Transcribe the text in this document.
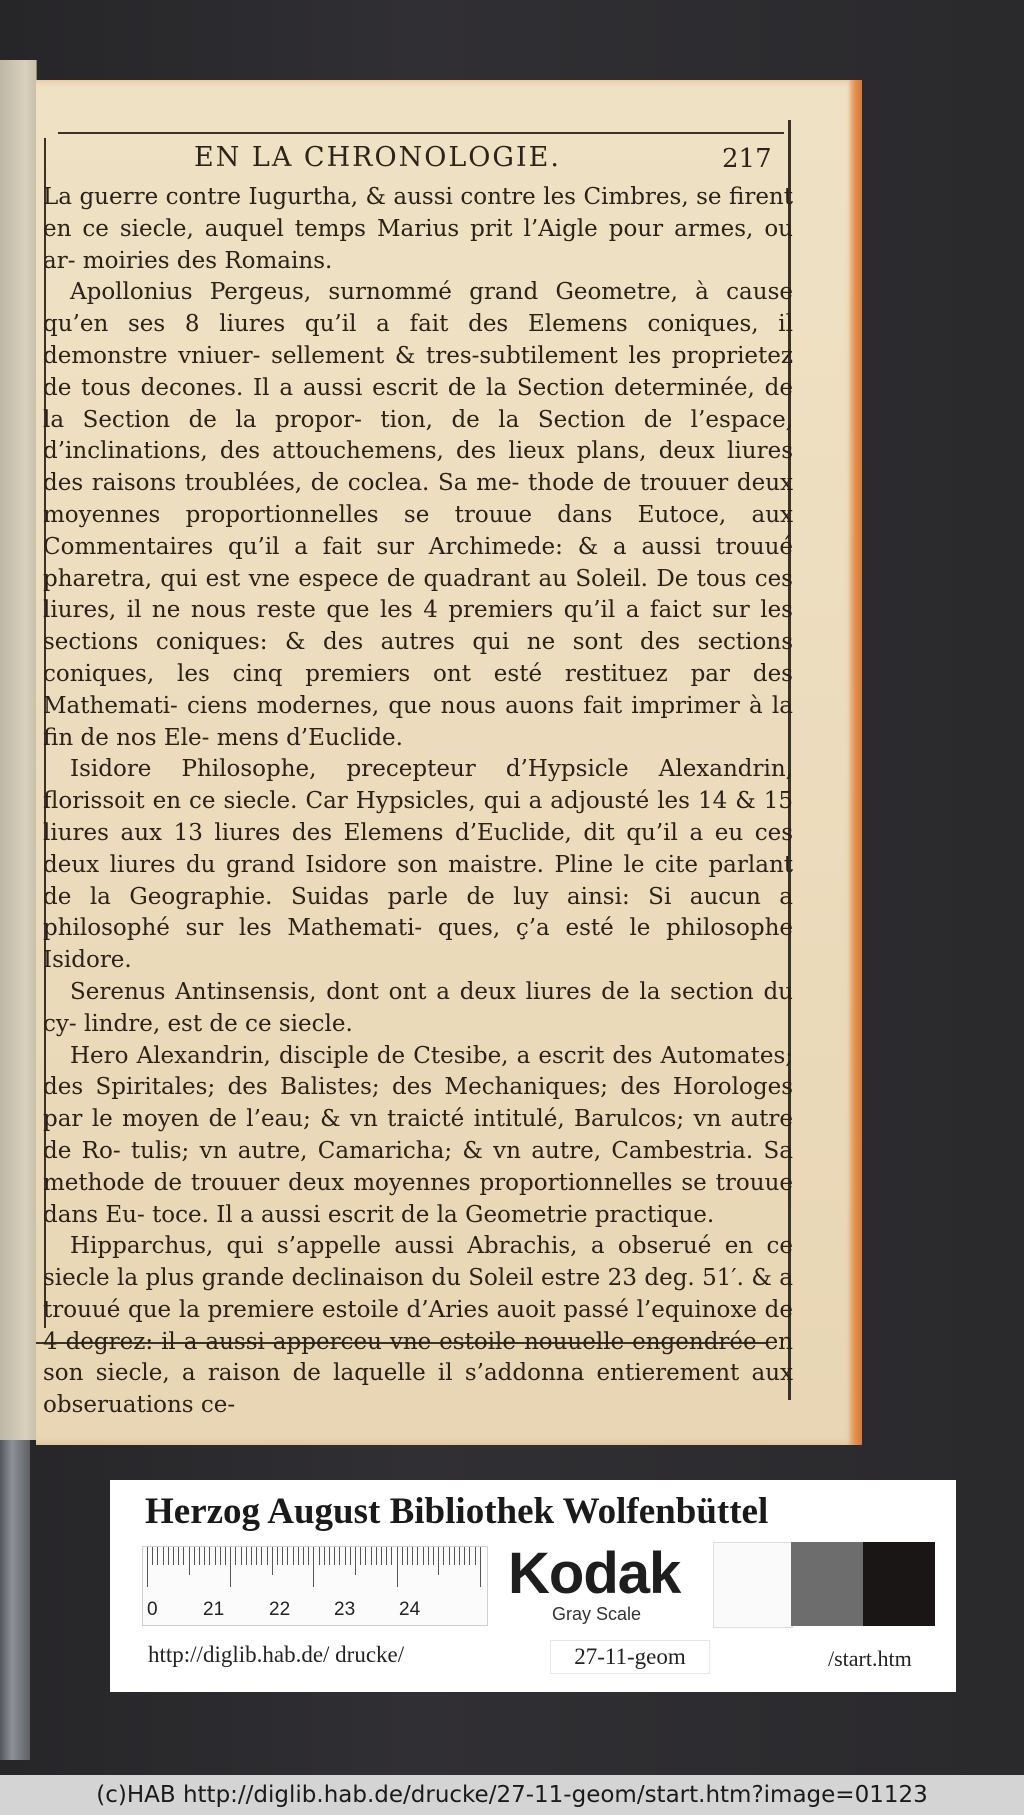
EN LA CHRONOLOGIE.	217

La guerre contre Iugurtha, & aussi contre les Cimbres, se firent en ce siecle, auquel temps Marius prit l’Aigle pour armes, ou ar- moiries des Romains.

Apollonius Pergeus, surnommé grand Geometre, à cause qu’en ses 8 liures qu’il a fait des Elemens coniques, il demonstre vniuer- sellement & tres-subtilement les proprietez de tous decones. Il a aussi escrit de la Section determinée, de la Section de la propor- tion, de la Section de l’espace, d’inclinations, des attouchemens, des lieux plans, deux liures des raisons troublées, de coclea. Sa me- thode de trouuer deux moyennes proportionnelles se trouue dans Eutoce, aux Commentaires qu’il a fait sur Archimede: & a aussi trouué pharetra, qui est vne espece de quadrant au Soleil. De tous ces liures, il ne nous reste que les 4 premiers qu’il a faict sur les sections coniques: & des autres qui ne sont des sections coniques, les cinq premiers ont esté restituez par des Mathemati- ciens modernes, que nous auons fait imprimer à la fin de nos Ele- mens d’Euclide.

Isidore Philosophe, precepteur d’Hypsicle Alexandrin, florissoit en ce siecle. Car Hypsicles, qui a adjousté les 14 & 15 liures aux 13 liures des Elemens d’Euclide, dit qu’il a eu ces deux liures du grand Isidore son maistre. Pline le cite parlant de la Geographie. Suidas parle de luy ainsi: Si aucun a philosophé sur les Mathemati- ques, ç’a esté le philosophe Isidore.

Serenus Antinsensis, dont ont a deux liures de la section du cy- lindre, est de ce siecle.

Hero Alexandrin, disciple de Ctesibe, a escrit des Automates; des Spiritales; des Balistes; des Mechaniques; des Horologes par le moyen de l’eau; & vn traicté intitulé, Barulcos; vn autre de Ro- tulis; vn autre, Camaricha; & vn autre, Cambestria. Sa methode de trouuer deux moyennes proportionnelles se trouue dans Eu- toce. Il a aussi escrit de la Geometrie practique.

Hipparchus, qui s’appelle aussi Abrachis, a obserué en ce siecle la plus grande declinaison du Soleil estre 23 deg. 51′. & a trouué que la premiere estoile d’Aries auoit passé l’equinoxe de 4 degrez: il a aussi apperceu vne estoile nouuelle engendrée en son siecle, a raison de laquelle il s’addonna entierement aux obseruations ce-

Herzog August Bibliothek Wolfenbüttel
0 21 22 23 24
Kodak
Gray Scale
http://diglib.hab.de/ drucke/	27-11-geom	/start.htm
(c)HAB http://diglib.hab.de/drucke/27-11-geom/start.htm?image=01123
